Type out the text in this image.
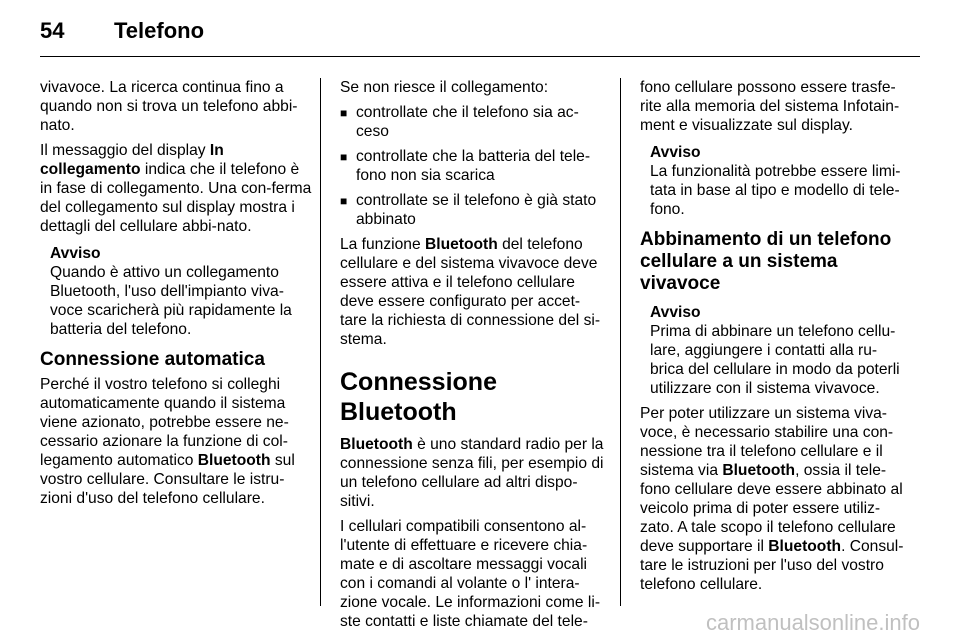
54 Telefono

vivavoce. La ricerca continua fino a quando non si trova un telefono abbi-nato.

Il messaggio del display In collegamento indica che il telefono è in fase di collegamento. Una con-ferma del collegamento sul display mostra i dettagli del cellulare abbi-nato.

Avviso
Quando è attivo un collegamento Bluetooth, l'uso dell'impianto viva-voce scaricherà più rapidamente la batteria del telefono.
Connessione automatica

Perché il vostro telefono si colleghi automaticamente quando il sistema viene azionato, potrebbe essere ne-cessario azionare la funzione di col-legamento automatico Bluetooth sul vostro cellulare. Consultare le istru-zioni d'uso del telefono cellulare.

Se non riesce il collegamento:

■ controllate che il telefono sia ac-ceso
■ controllate che la batteria del tele-fono non sia scarica
■ controllate se il telefono è già stato abbinato

La funzione Bluetooth del telefono cellulare e del sistema vivavoce deve essere attiva e il telefono cellulare deve essere configurato per accet-tare la richiesta di connessione del si-stema.

Connessione Bluetooth

Bluetooth è uno standard radio per la connessione senza fili, per esempio di un telefono cellulare ad altri dispo-sitivi.

I cellulari compatibili consentono al-l'utente di effettuare e ricevere chia-mate e di ascoltare messaggi vocali con i comandi al volante o l' intera-zione vocale. Le informazioni come li-ste contatti e liste chiamate del tele-

fono cellulare possono essere trasfe-rite alla memoria del sistema Infotain-ment e visualizzate sul display.

Avviso
La funzionalità potrebbe essere limi-tata in base al tipo e modello di tele-fono.
Abbinamento di un telefono cellulare a un sistema vivavoce
Avviso
Prima di abbinare un telefono cellu-lare, aggiungere i contatti alla ru-brica del cellulare in modo da poterli utilizzare con il sistema vivavoce.

Per poter utilizzare un sistema viva-voce, è necessario stabilire una con-nessione tra il telefono cellulare e il sistema via Bluetooth, ossia il tele-fono cellulare deve essere abbinato al veicolo prima di poter essere utiliz-zato. A tale scopo il telefono cellulare deve supportare il Bluetooth. Consul-tare le istruzioni per l'uso del vostro telefono cellulare.

carmanualsonline.info
